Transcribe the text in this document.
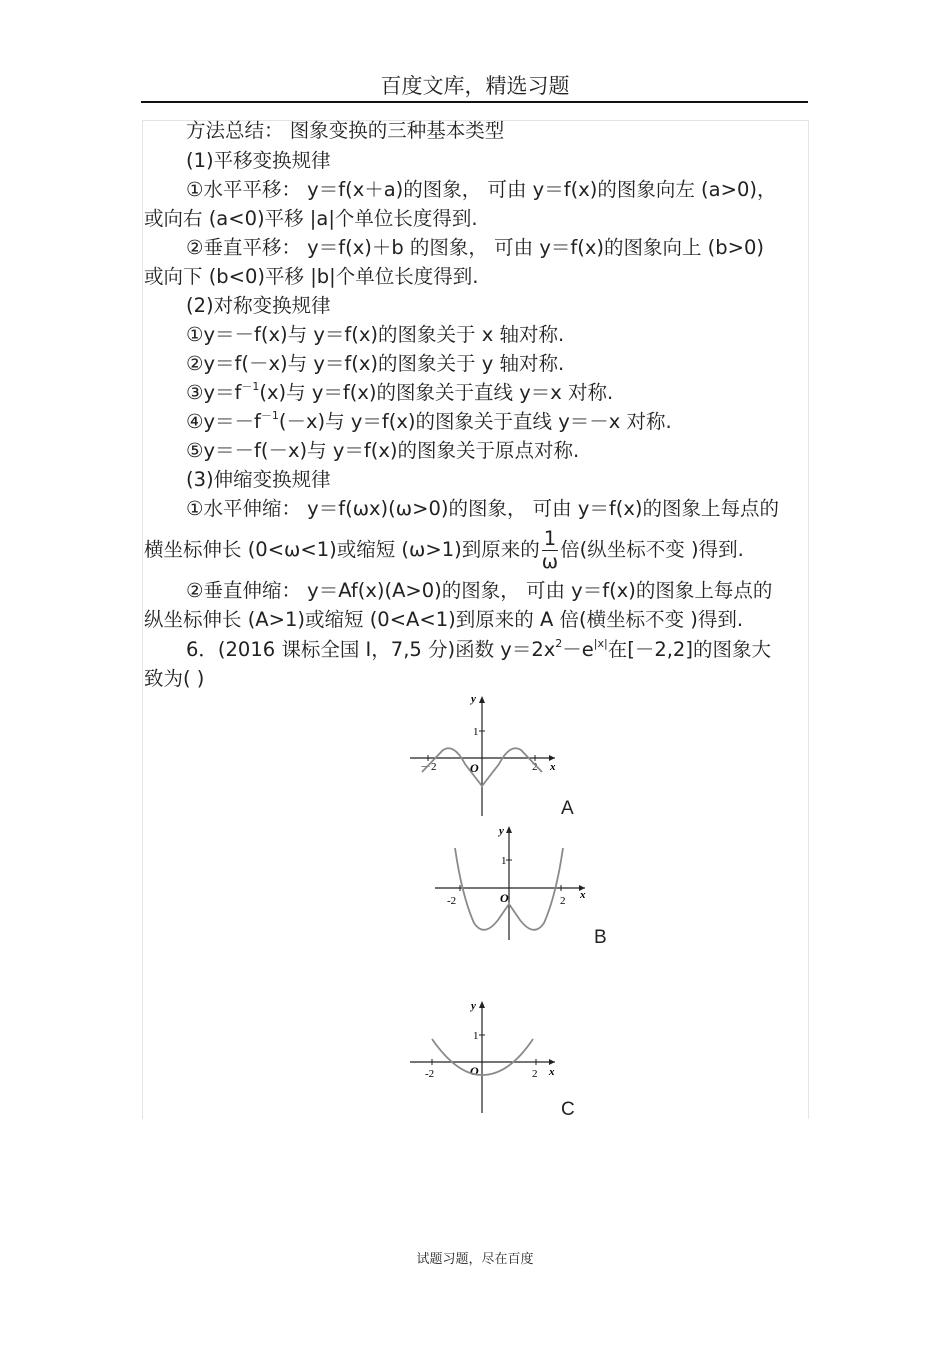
百度文库，精选习题
方法总结： 图象变换的三种基本类型
(1)平移变换规律
①水平平移： y＝f(x＋a)的图象， 可由 y＝f(x)的图象向左 (a>0)，
或向右 (a<0)平移 |a|个单位长度得到.
②垂直平移： y＝f(x)＋b 的图象， 可由 y＝f(x)的图象向上 (b>0)
或向下 (b<0)平移 |b|个单位长度得到.
(2)对称变换规律
①y＝－f(x)与 y＝f(x)的图象关于 x 轴对称.
②y＝f(－x)与 y＝f(x)的图象关于 y 轴对称.
$③y=f^{-1}(x)$与 y＝f(x)的图象关于直线 y＝x 对称.
$④y=-f^{-1}(-x)$与 y＝f(x)的图象关于直线 y＝－x 对称.
⑤y＝－f(－x)与 y＝f(x)的图象关于原点对称.
(3)伸缩变换规律
①水平伸缩： y＝f(ωx)(ω>0)的图象， 可由 y＝f(x)的图象上每点的
横坐标伸长 (0<ω<1)或缩短 (ω>1)到原来的 $\frac{1}{\omega}$ 倍(纵坐标不变 )得到.
②垂直伸缩： y＝Af(x)(A>0)的图象， 可由 y＝f(x)的图象上每点的
纵坐标伸长 (A>1)或缩短 (0<A<1)到原来的 A 倍(横坐标不变 )得到.
6．(2016 课标全国 Ⅰ，7,5 分)函数 $y=2x^2-e^{|x|}$在[－2,2]的图象大
致为( )
y
x
1
O
－2	2
A
y
x
1
O
-2	2
B
y
x
1
O
-2	2
C
试题习题，尽在百度
